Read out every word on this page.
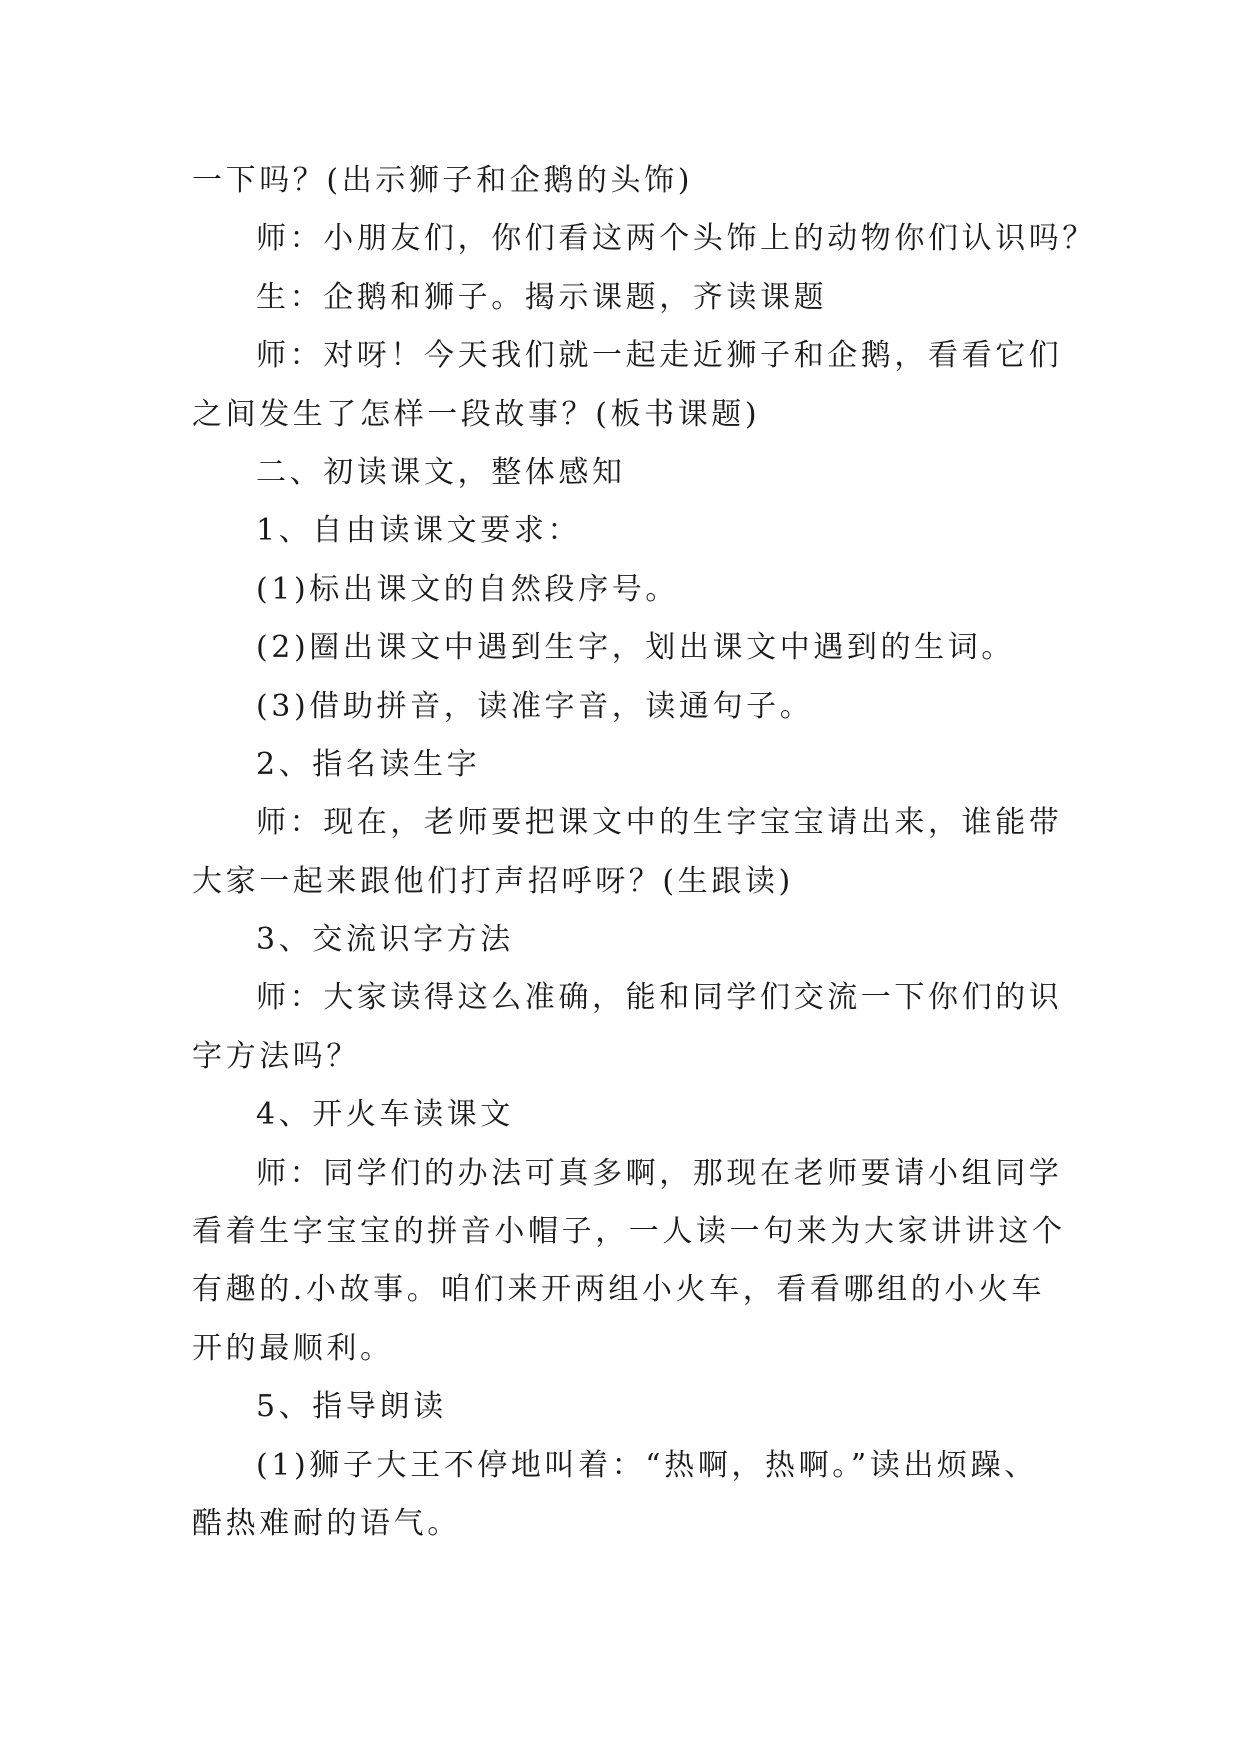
一下吗？(出示狮子和企鹅的头饰)
师：小朋友们，你们看这两个头饰上的动物你们认识吗？
生：企鹅和狮子。揭示课题，齐读课题
师：对呀！今天我们就一起走近狮子和企鹅，看看它们
之间发生了怎样一段故事？(板书课题)
二、初读课文，整体感知
1、自由读课文要求：
(1)标出课文的自然段序号。
(2)圈出课文中遇到生字，划出课文中遇到的生词。
(3)借助拼音，读准字音，读通句子。
2、指名读生字
师：现在，老师要把课文中的生字宝宝请出来，谁能带
大家一起来跟他们打声招呼呀？(生跟读)
3、交流识字方法
师：大家读得这么准确，能和同学们交流一下你们的识
字方法吗？
4、开火车读课文
师：同学们的办法可真多啊，那现在老师要请小组同学
看着生字宝宝的拼音小帽子，一人读一句来为大家讲讲这个
有趣的.小故事。咱们来开两组小火车，看看哪组的小火车
开的最顺利。
5、指导朗读
(1)狮子大王不停地叫着：“热啊，热啊。”读出烦躁、
酷热难耐的语气。
